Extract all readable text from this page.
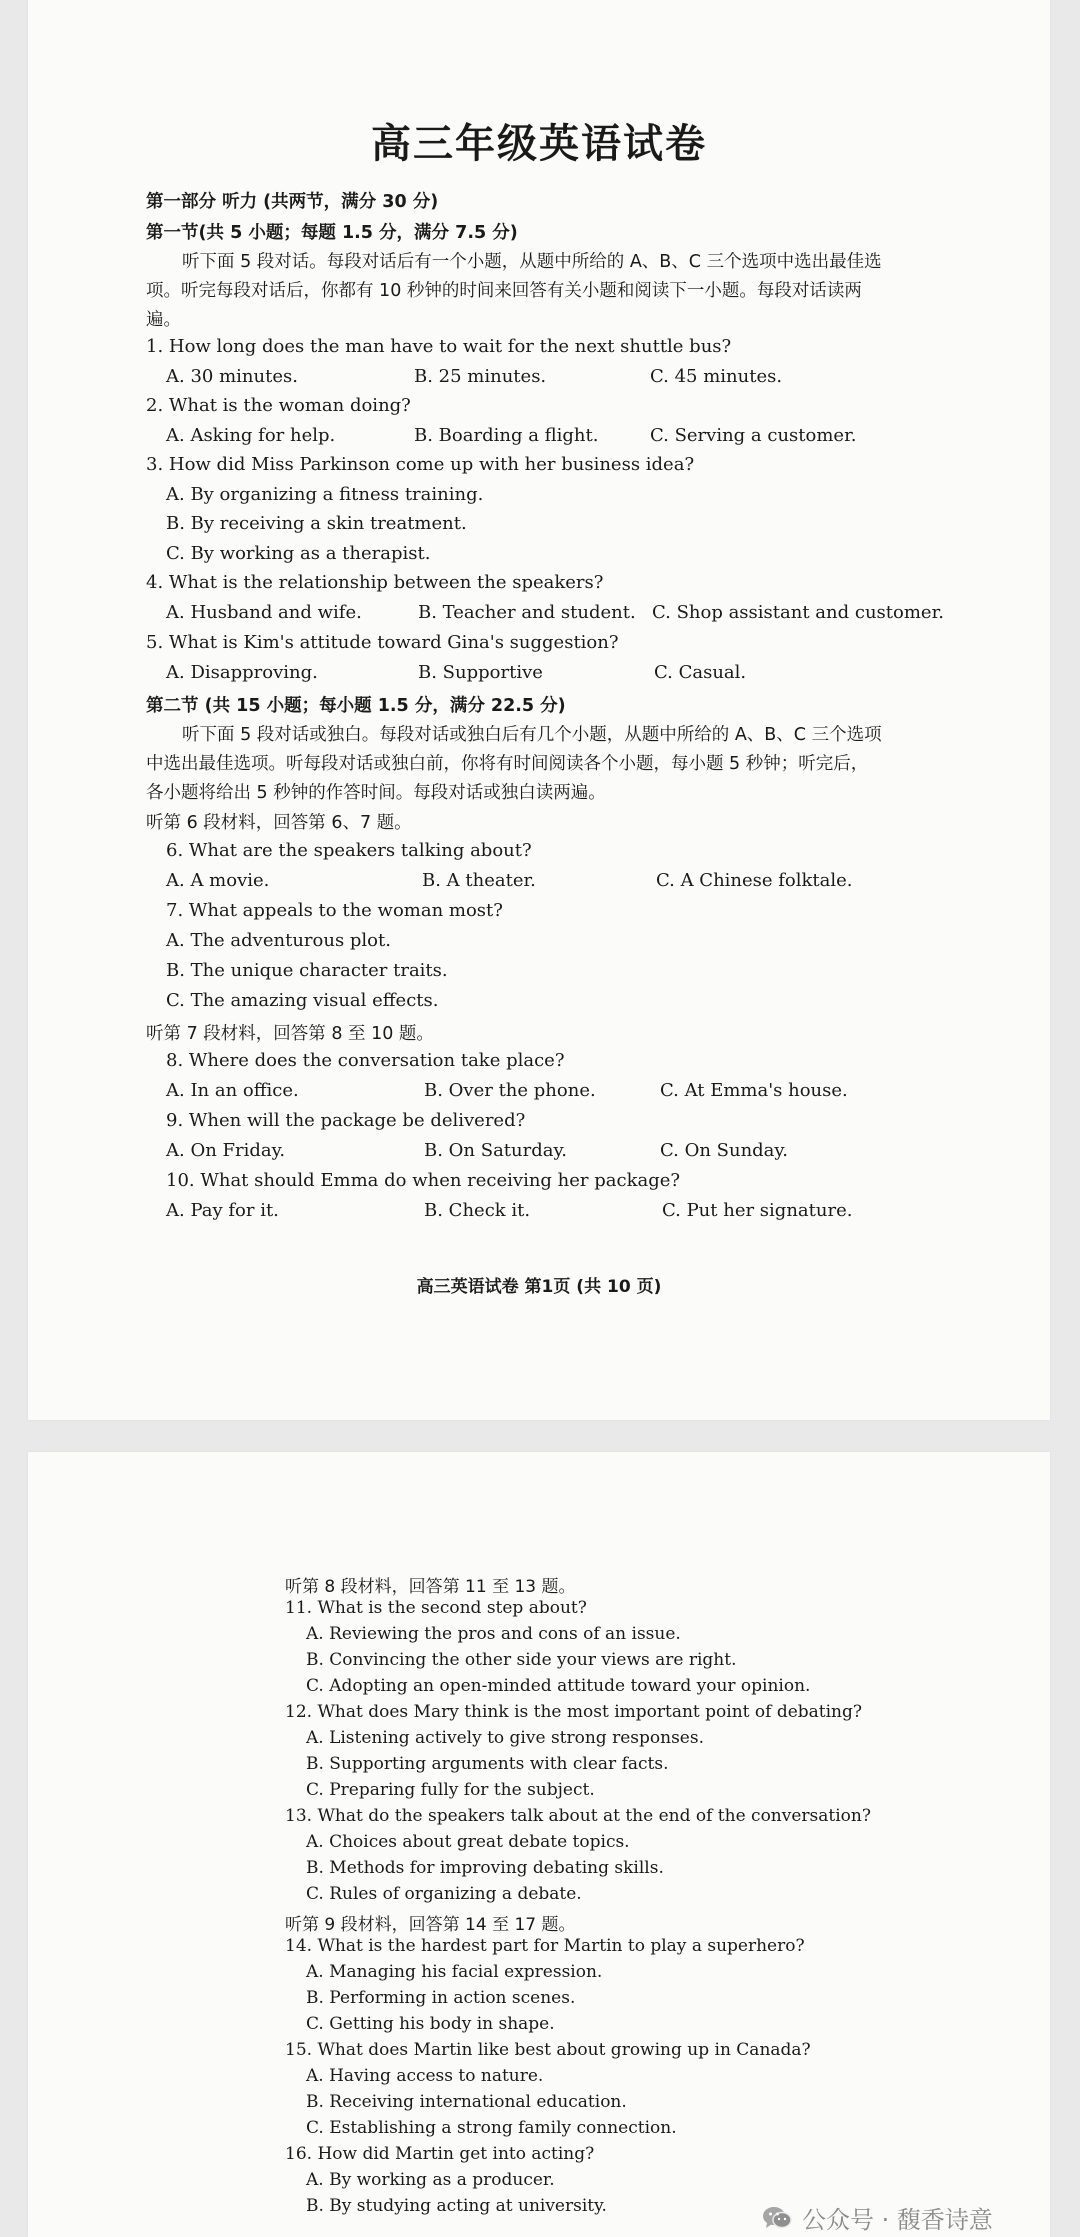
高三年级英语试卷
第一部分 听力 (共两节，满分 30 分)
第一节(共 5 小题；每题 1.5 分，满分 7.5 分)
听下面 5 段对话。每段对话后有一个小题，从题中所给的 A、B、C 三个选项中选出最佳选
项。听完每段对话后，你都有 10 秒钟的时间来回答有关小题和阅读下一小题。每段对话读两
遍。
1. How long does the man have to wait for the next shuttle bus?
A. 30 minutes.	B. 25 minutes.	C. 45 minutes.
2. What is the woman doing?
A. Asking for help.	B. Boarding a flight.	C. Serving a customer.
3. How did Miss Parkinson come up with her business idea?
A. By organizing a fitness training.
B. By receiving a skin treatment.
C. By working as a therapist.
4. What is the relationship between the speakers?
A. Husband and wife.	B. Teacher and student. C. Shop assistant and customer.
5. What is Kim's attitude toward Gina's suggestion?
A. Disapproving.	B. Supportive	C. Casual.
第二节 (共 15 小题；每小题 1.5 分，满分 22.5 分)
听下面 5 段对话或独白。每段对话或独白后有几个小题，从题中所给的 A、B、C 三个选项
中选出最佳选项。听每段对话或独白前，你将有时间阅读各个小题，每小题 5 秒钟；听完后，
各小题将给出 5 秒钟的作答时间。每段对话或独白读两遍。
听第 6 段材料，回答第 6、7 题。
6. What are the speakers talking about?
A. A movie.	B. A theater.	C. A Chinese folktale.
7. What appeals to the woman most?
A. The adventurous plot.
B. The unique character traits.
C. The amazing visual effects.
听第 7 段材料，回答第 8 至 10 题。
8. Where does the conversation take place?
A. In an office.	B. Over the phone.	C. At Emma's house.
9. When will the package be delivered?
A. On Friday.	B. On Saturday.	C. On Sunday.
10. What should Emma do when receiving her package?
A. Pay for it.	B. Check it.	C. Put her signature.
高三英语试卷 第1页 (共 10 页)
听第 8 段材料，回答第 11 至 13 题。
11. What is the second step about?
A. Reviewing the pros and cons of an issue.
B. Convincing the other side your views are right.
C. Adopting an open-minded attitude toward your opinion.
12. What does Mary think is the most important point of debating?
A. Listening actively to give strong responses.
B. Supporting arguments with clear facts.
C. Preparing fully for the subject.
13. What do the speakers talk about at the end of the conversation?
A. Choices about great debate topics.
B. Methods for improving debating skills.
C. Rules of organizing a debate.
听第 9 段材料，回答第 14 至 17 题。
14. What is the hardest part for Martin to play a superhero?
A. Managing his facial expression.
B. Performing in action scenes.
C. Getting his body in shape.
15. What does Martin like best about growing up in Canada?
A. Having access to nature.
B. Receiving international education.
C. Establishing a strong family connection.
16. How did Martin get into acting?
A. By working as a producer.
B. By studying acting at university.	公众号 · 馥香诗意
